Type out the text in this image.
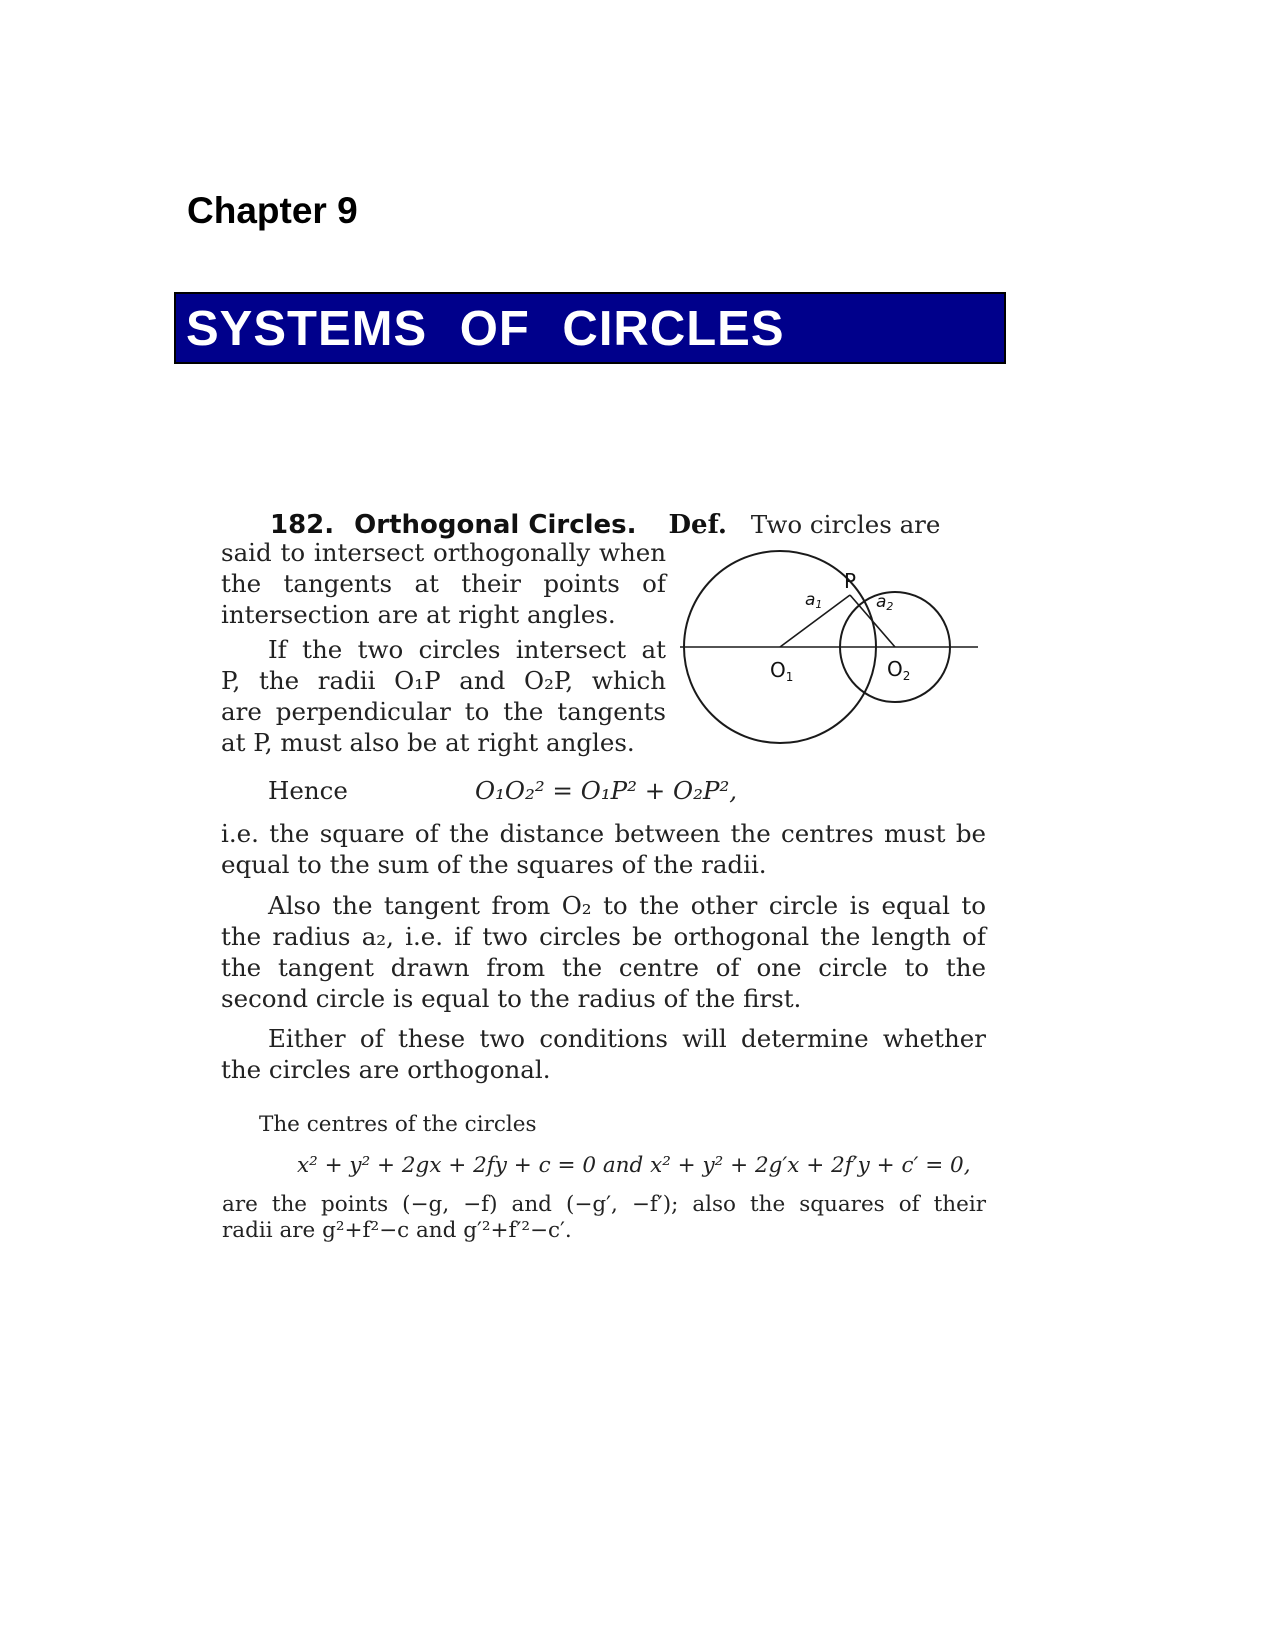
Chapter 9
SYSTEMS OF CIRCLES
182. Orthogonal Circles. Def. Two circles are

said to intersect orthogonally when

the tangents at their points of

intersection are at right angles.

If the two circles intersect at

P, the radii O₁P and O₂P, which

are perpendicular to the tangents

at P, must also be at right angles.

P
$O_1$	$O_2$
a1	a2
Hence	O₁O₂² = O₁P² + O₂P²,

i.e. the square of the distance between the centres must be

equal to the sum of the squares of the radii.

Also the tangent from O₂ to the other circle is equal to

the radius a₂, i.e. if two circles be orthogonal the length of

the tangent drawn from the centre of one circle to the

second circle is equal to the radius of the first.

Either of these two conditions will determine whether

the circles are orthogonal.

The centres of the circles
x² + y² + 2gx + 2fy + c = 0 and x² + y² + 2g′x + 2f′y + c′ = 0,

are the points (−g, −f) and (−g′, −f′); also the squares of their

radii are g²+f²−c and g′²+f′²−c′.
